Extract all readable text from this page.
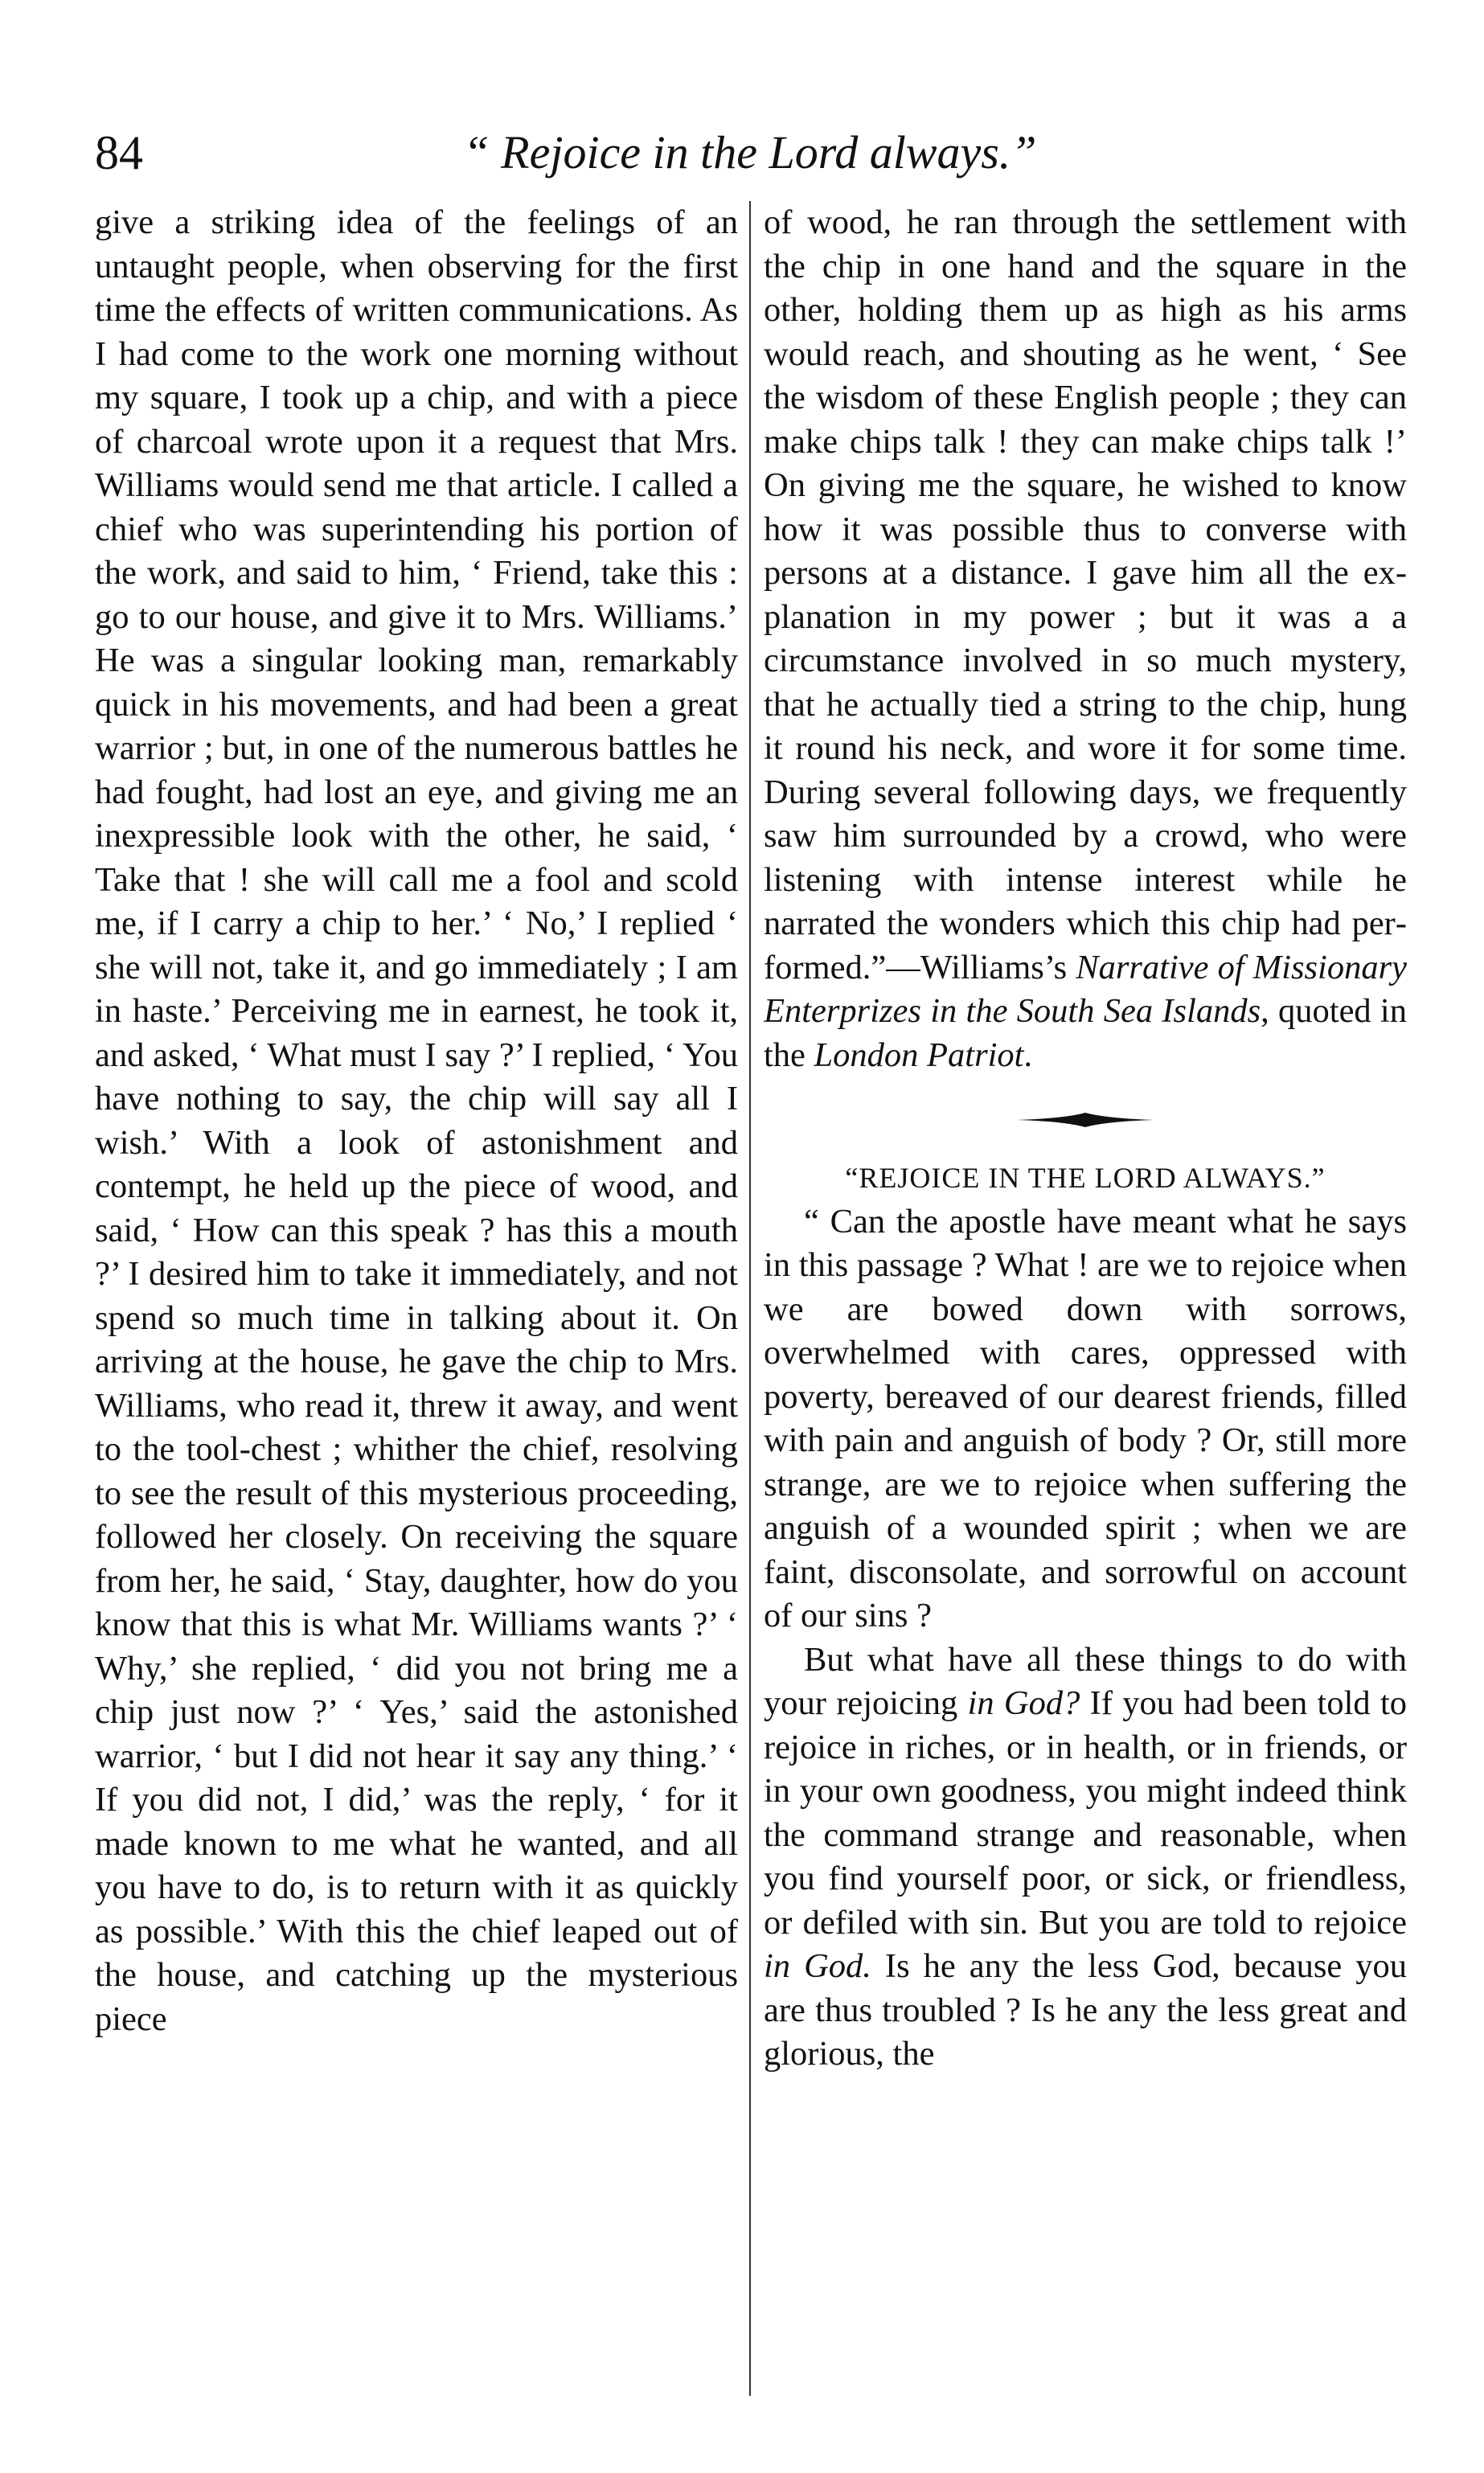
84	“ Rejoice in the Lord always.”

give a striking idea of the feelings of an untaught people, when observing for the first time the effects of written communications. As I had come to the work one morning without my square, I took up a chip, and with a piece of charcoal wrote upon it a request that Mrs. Williams would send me that article. I called a chief who was superintending his portion of the work, and said to him, ‘ Friend, take this : go to our house, and give it to Mrs. Williams.’ He was a singular looking man, remarkably quick in his movements, and had been a great warrior ; but, in one of the numerous battles he had fought, had lost an eye, and giving me an inexpressible look with the other, he said, ‘ Take that ! she will call me a fool and scold me, if I carry a chip to her.’ ‘ No,’ I replied ‘ she will not, take it, and go immediately ; I am in haste.’ Perceiving me in earnest, he took it, and asked, ‘ What must I say ?’ I replied, ‘ You have nothing to say, the chip will say all I wish.’ With a look of astonishment and contempt, he held up the piece of wood, and said, ‘ How can this speak ? has this a mouth ?’ I desired him to take it immediately, and not spend so much time in talking about it. On arriving at the house, he gave the chip to Mrs. Williams, who read it, threw it away, and went to the tool-chest ; whither the chief, resolving to see the result of this mysterious proceeding, followed her closely. On receiving the square from her, he said, ‘ Stay, daughter, how do you know that this is what Mr. Williams wants ?’ ‘ Why,’ she replied, ‘ did you not bring me a chip just now ?’ ‘ Yes,’ said the astonished warrior, ‘ but I did not hear it say any thing.’ ‘ If you did not, I did,’ was the reply, ‘ for it made known to me what he wanted, and all you have to do, is to return with it as quickly as possible.’ With this the chief leaped out of the house, and catching up the mysterious piece

of wood, he ran through the settlement with the chip in one hand and the square in the other, holding them up as high as his arms would reach, and shouting as he went, ‘ See the wisdom of these English people ; they can make chips talk ! they can make chips talk !’ On giving me the square, he wished to know how it was possible thus to converse with persons at a distance. I gave him all the explanation in my power ; but it was a a circumstance involved in so much mystery, that he actually tied a string to the chip, hung it round his neck, and wore it for some time. During several following days, we frequently saw him surrounded by a crowd, who were listening with intense interest while he narrated the wonders which this chip had performed.”—Williams’s Narrative of Missionary Enterprizes in the South Sea Islands, quoted in the London Patriot.

“REJOICE IN THE LORD ALWAYS.”

“ Can the apostle have meant what he says in this passage ? What ! are we to rejoice when we are bowed down with sorrows, overwhelmed with cares, oppressed with poverty, bereaved of our dearest friends, filled with pain and anguish of body ? Or, still more strange, are we to rejoice when suffering the anguish of a wounded spirit ; when we are faint, disconsolate, and sorrowful on account of our sins ?

But what have all these things to do with your rejoicing in God? If you had been told to rejoice in riches, or in health, or in friends, or in your own goodness, you might indeed think the command strange and reasonable, when you find yourself poor, or sick, or friendless, or defiled with sin. But you are told to rejoice in God. Is he any the less God, because you are thus troubled ? Is he any the less great and glorious, the
